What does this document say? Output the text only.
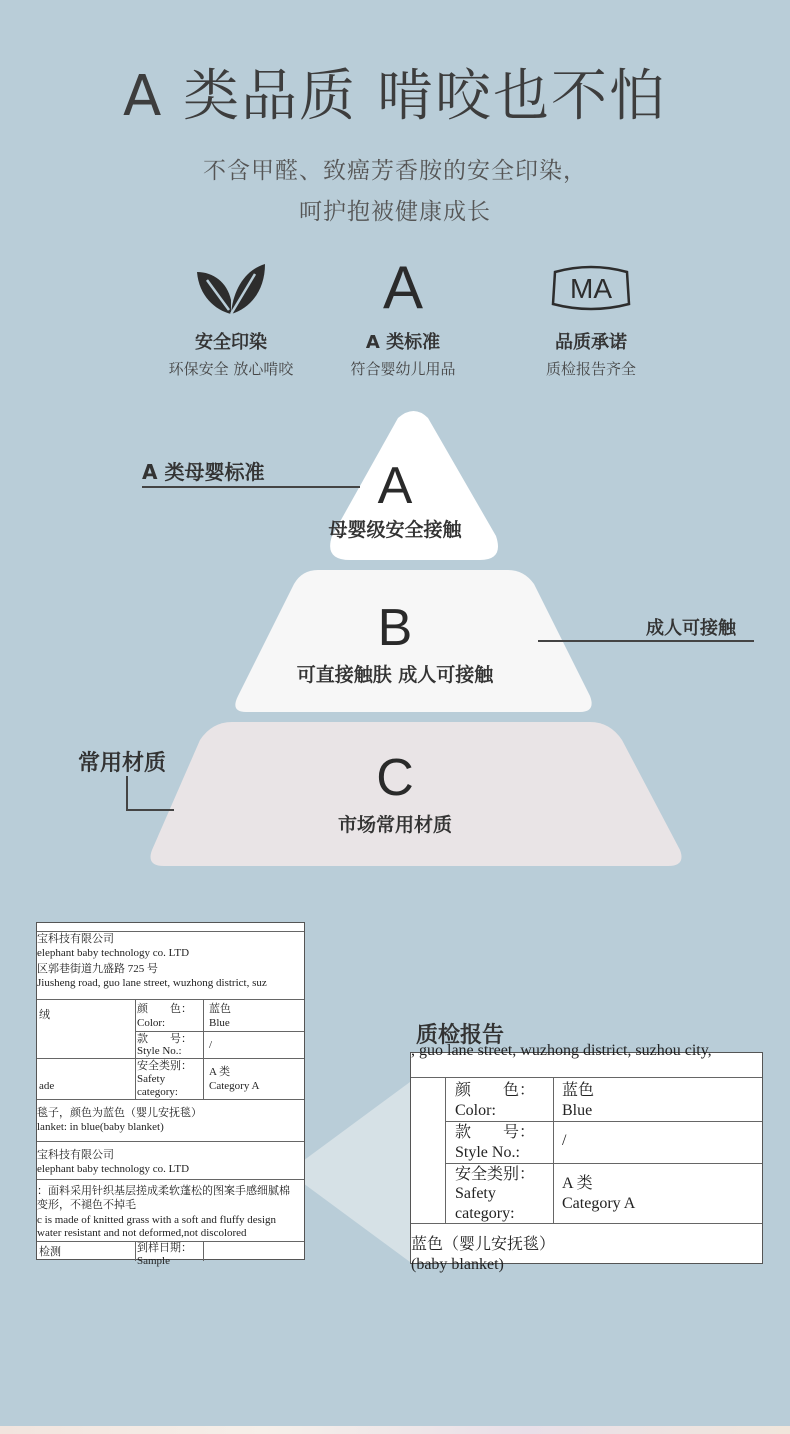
A 类品质 啃咬也不怕
不含甲醛、致癌芳香胺的安全印染，
呵护抱被健康成长
安全印染
环保安全 放心啃咬
A
A 类标准
符合婴幼儿用品
MA
品质承诺
质检报告齐全
A
母婴级安全接触
B
可直接触肤 成人可接触
C
市场常用材质
A 类母婴标准
成人可接触
常用材质
宝科技有限公司
elephant baby technology co. LTD
区郭巷街道九盛路 725 号
Jiusheng road, guo lane street, wuzhong district, suz
绒	颜　　色：
Color:
蓝色
Blue
款　　号：
Style No.: /
安全类别：
Safety
category:
A 类
Category A
ade
毯子，颜色为蓝色（婴儿安抚毯）
lanket: in blue(baby blanket)
宝科技有限公司
elephant baby technology co. LTD
：面料采用针织基层搓成柔软蓬松的图案手感细腻棉
变形，不褪色不掉毛
c is made of knitted grass with a soft and fluffy design
water resistant and not deformed,not discolored
检测	到样日期：
Sample
质检报告
, guo lane street, wuzhong district, suzhou city,
颜　　色：
Color:
蓝色
Blue
款　　号：
Style No.:
/
安全类别：
Safety
category:
A 类
Category A
蓝色（婴儿安抚毯）
(baby blanket)
